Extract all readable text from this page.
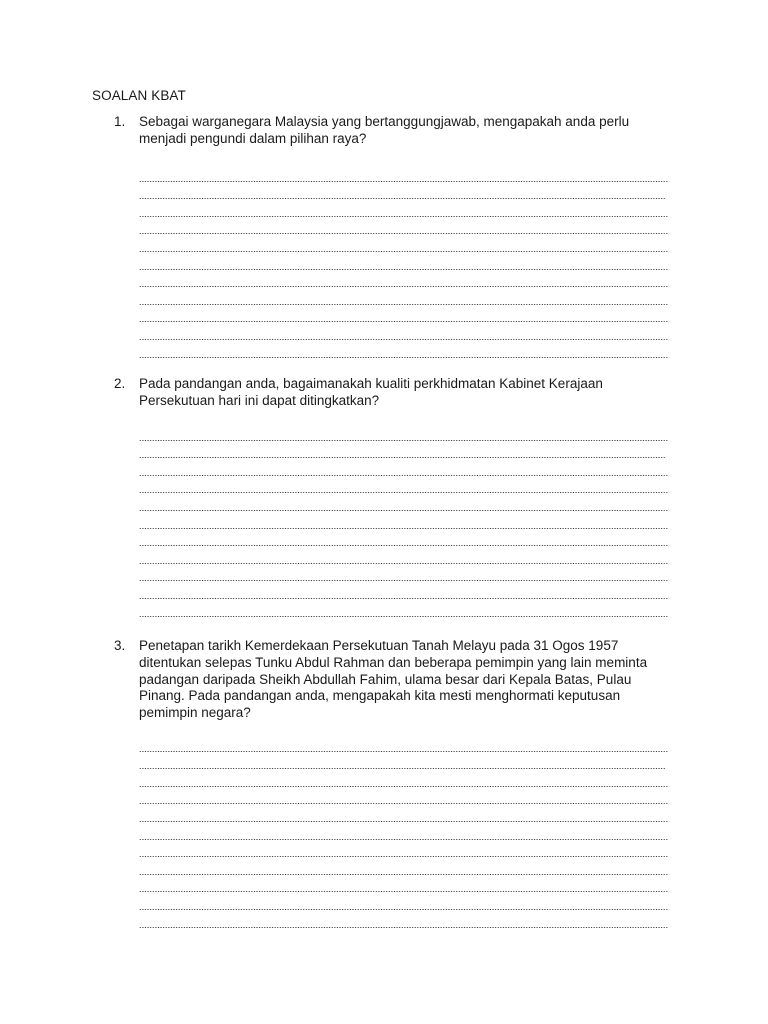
SOALAN KBAT
1. Sebagai warganegara Malaysia yang bertanggungjawab, mengapakah anda perlu menjadi pengundi dalam pilihan raya?
2. Pada pandangan anda, bagaimanakah kualiti perkhidmatan Kabinet Kerajaan Persekutuan hari ini dapat ditingkatkan?
3. Penetapan tarikh Kemerdekaan Persekutuan Tanah Melayu pada 31 Ogos 1957 ditentukan selepas Tunku Abdul Rahman dan beberapa pemimpin yang lain meminta padangan daripada Sheikh Abdullah Fahim, ulama besar dari Kepala Batas, Pulau Pinang. Pada pandangan anda, mengapakah kita mesti menghormati keputusan pemimpin negara?
